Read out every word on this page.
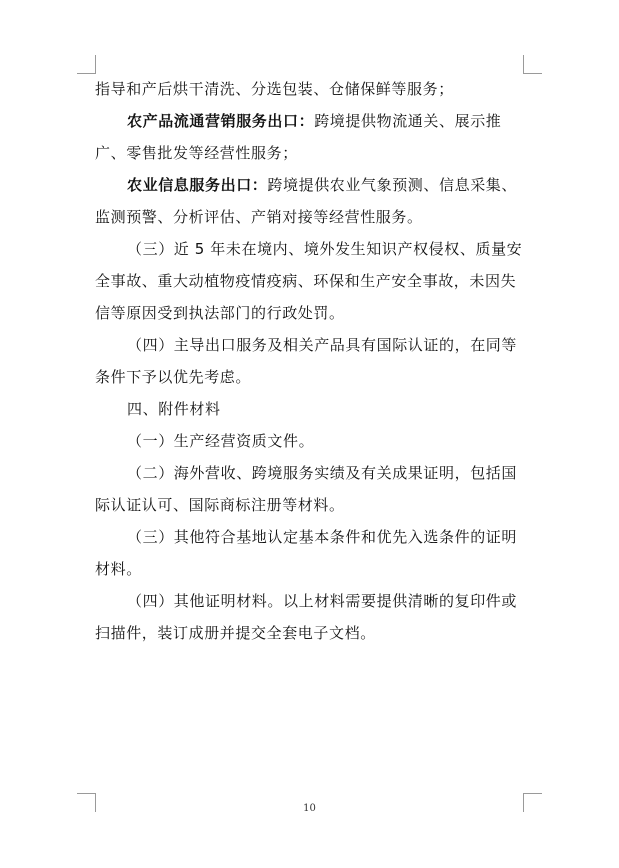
指导和产后烘干清洗、分选包装、仓储保鲜等服务；

农产品流通营销服务出口：跨境提供物流通关、展示推广、零售批发等经营性服务；

农业信息服务出口：跨境提供农业气象预测、信息采集、监测预警、分析评估、产销对接等经营性服务。

（三）近 5 年未在境内、境外发生知识产权侵权、质量安全事故、重大动植物疫情疫病、环保和生产安全事故，未因失信等原因受到执法部门的行政处罚。

（四）主导出口服务及相关产品具有国际认证的，在同等条件下予以优先考虑。

四、附件材料

（一）生产经营资质文件。

（二）海外营收、跨境服务实绩及有关成果证明，包括国际认证认可、国际商标注册等材料。

（三）其他符合基地认定基本条件和优先入选条件的证明材料。

（四）其他证明材料。以上材料需要提供清晰的复印件或扫描件，装订成册并提交全套电子文档。

10
